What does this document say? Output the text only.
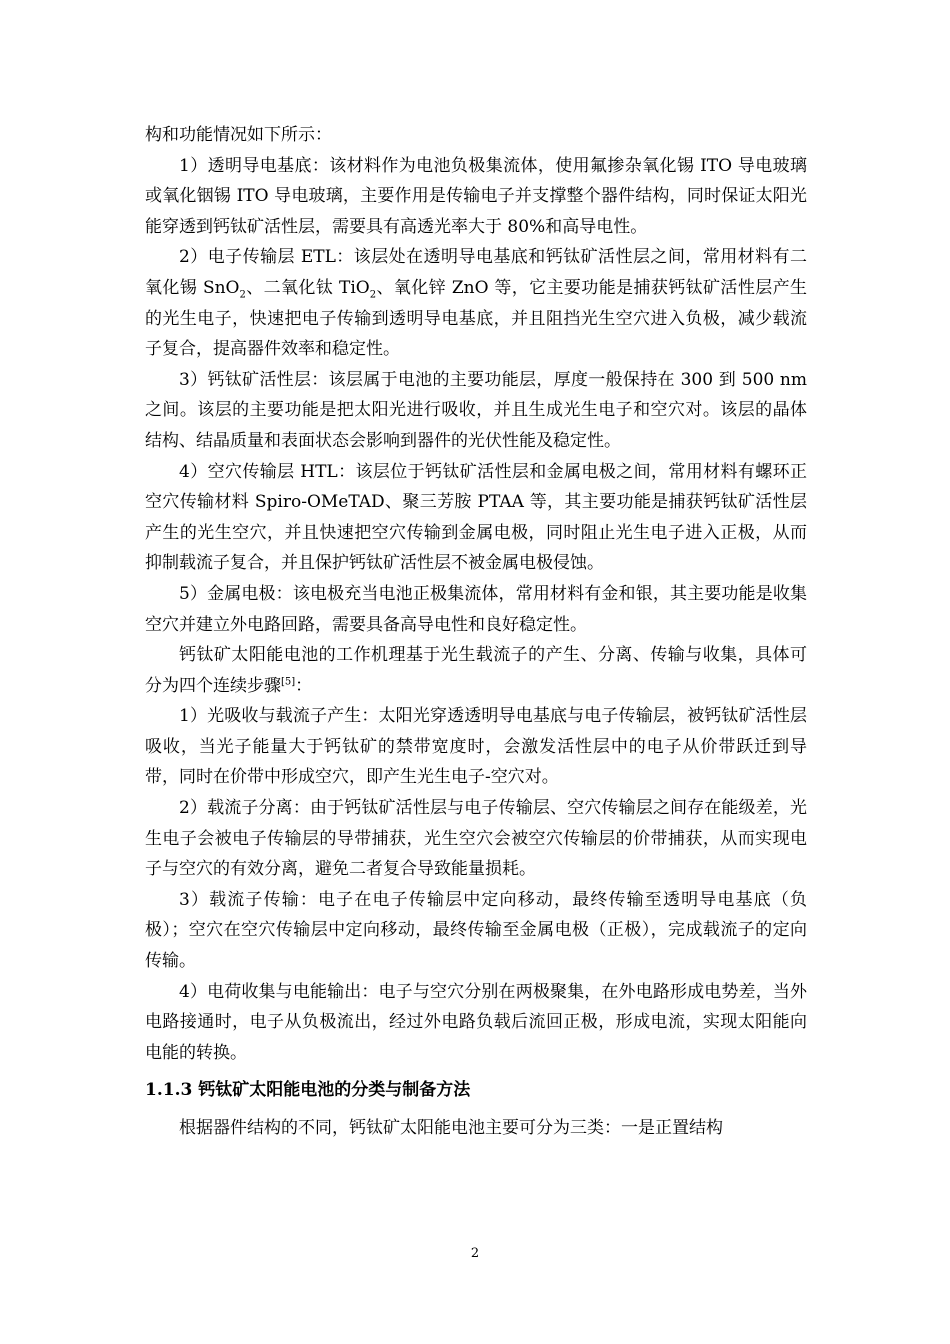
构和功能情况如下所示：

1）透明导电基底：该材料作为电池负极集流体，使用氟掺杂氧化锡 ITO 导电玻璃或氧化铟锡 ITO 导电玻璃，主要作用是传输电子并支撑整个器件结构，同时保证太阳光能穿透到钙钛矿活性层，需要具有高透光率大于 80%和高导电性。

2）电子传输层 ETL：该层处在透明导电基底和钙钛矿活性层之间，常用材料有二氧化锡 SnO$_2$、二氧化钛 TiO$_2$、氧化锌 ZnO 等，它主要功能是捕获钙钛矿活性层产生的光生电子，快速把电子传输到透明导电基底，并且阻挡光生空穴进入负极，减少载流子复合，提高器件效率和稳定性。

3）钙钛矿活性层：该层属于电池的主要功能层，厚度一般保持在 300 到 500 nm 之间。该层的主要功能是把太阳光进行吸收，并且生成光生电子和空穴对。该层的晶体结构、结晶质量和表面状态会影响到器件的光伏性能及稳定性。

4）空穴传输层 HTL：该层位于钙钛矿活性层和金属电极之间，常用材料有螺环正空穴传输材料 Spiro-OMeTAD、聚三芳胺 PTAA 等，其主要功能是捕获钙钛矿活性层产生的光生空穴，并且快速把空穴传输到金属电极，同时阻止光生电子进入正极，从而抑制载流子复合，并且保护钙钛矿活性层不被金属电极侵蚀。

5）金属电极：该电极充当电池正极集流体，常用材料有金和银，其主要功能是收集空穴并建立外电路回路，需要具备高导电性和良好稳定性。

钙钛矿太阳能电池的工作机理基于光生载流子的产生、分离、传输与收集，具体可分为四个连续步骤[5]：

1）光吸收与载流子产生：太阳光穿透透明导电基底与电子传输层，被钙钛矿活性层吸收，当光子能量大于钙钛矿的禁带宽度时，会激发活性层中的电子从价带跃迁到导带，同时在价带中形成空穴，即产生光生电子-空穴对。

2）载流子分离：由于钙钛矿活性层与电子传输层、空穴传输层之间存在能级差，光生电子会被电子传输层的导带捕获，光生空穴会被空穴传输层的价带捕获，从而实现电子与空穴的有效分离，避免二者复合导致能量损耗。

3）载流子传输：电子在电子传输层中定向移动，最终传输至透明导电基底（负极）；空穴在空穴传输层中定向移动，最终传输至金属电极（正极），完成载流子的定向传输。

4）电荷收集与电能输出：电子与空穴分别在两极聚集，在外电路形成电势差，当外电路接通时，电子从负极流出，经过外电路负载后流回正极，形成电流，实现太阳能向电能的转换。

1.1.3 钙钛矿太阳能电池的分类与制备方法

根据器件结构的不同，钙钛矿太阳能电池主要可分为三类：一是正置结构

2
